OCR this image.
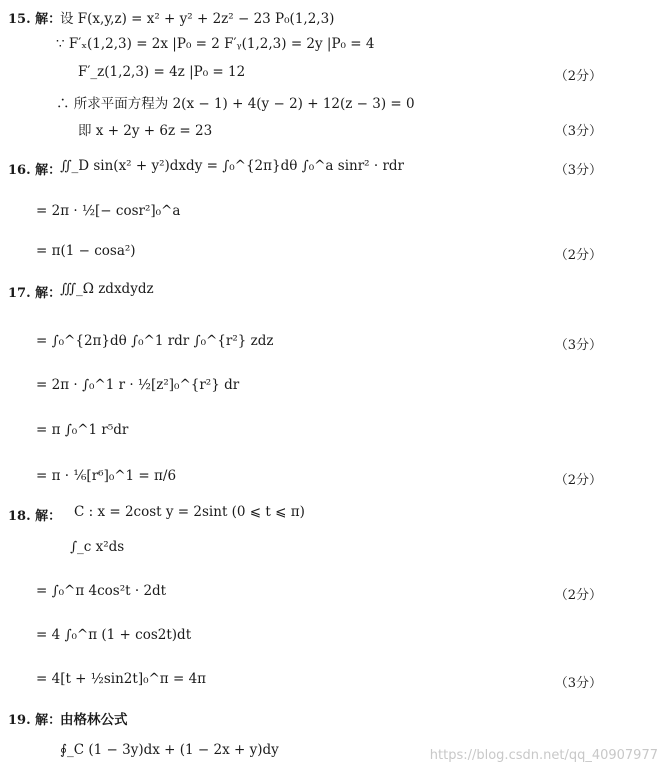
15. 解：
设 F(x,y,z) = x² + y² + 2z² − 23 P₀(1,2,3)
∵ F′ₓ(1,2,3) = 2x |P₀ = 2 F′ᵧ(1,2,3) = 2y |P₀ = 4
F′_z(1,2,3) = 4z |P₀ = 12	（2分）
∴ 所求平面方程为 2(x − 1) + 4(y − 2) + 12(z − 3) = 0
即 x + 2y + 6z = 23	（3分）
16. 解：
∬_D sin(x² + y²)dxdy = ∫₀^{2π}dθ ∫₀^a sinr² · rdr	（3分）
= 2π · ½[− cosr²]₀^a
= π(1 − cosa²)	（2分）
17. 解：
∭_Ω zdxdydz
= ∫₀^{2π}dθ ∫₀^1 rdr ∫₀^{r²} zdz	（3分）
= 2π · ∫₀^1 r · ½[z²]₀^{r²} dr
= π ∫₀^1 r⁵dr
= π · ⅙[r⁶]₀^1 = π/6	（2分）
18. 解： C : x = 2cost y = 2sint (0 ⩽ t ⩽ π)
∫_c x²ds
= ∫₀^π 4cos²t · 2dt	（2分）
= 4 ∫₀^π (1 + cos2t)dt
= 4[t + ½sin2t]₀^π = 4π	（3分）
19. 解：
由格林公式
∮_C (1 − 3y)dx + (1 − 2x + y)dy	https://blog.csdn.net/qq_40907977
